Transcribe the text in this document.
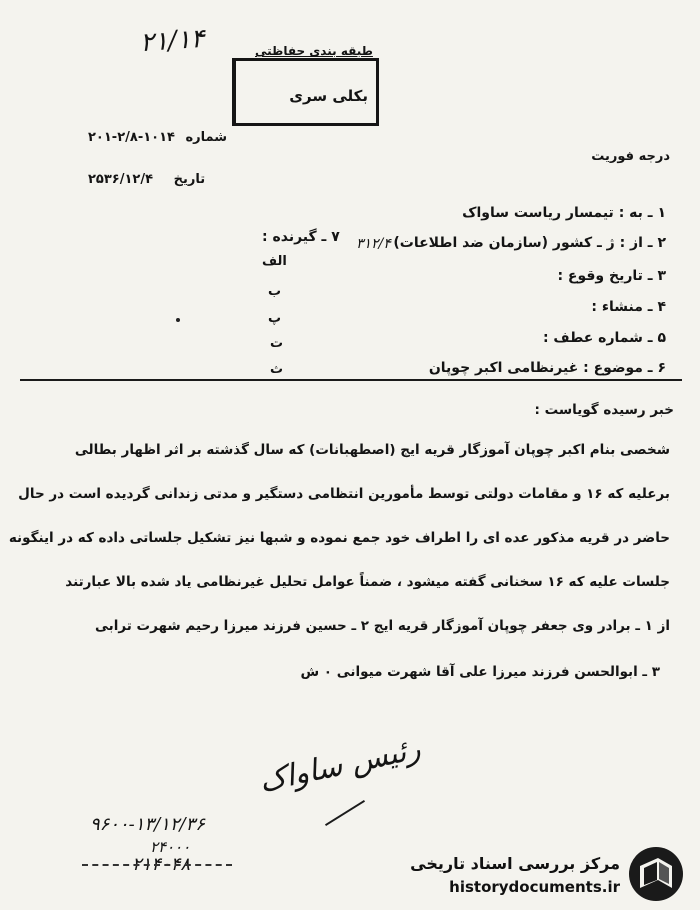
۲۱/۱۴	طبقه بندی حفاظتی
بکلی سری
۲۰۱-۲/۸-۱۰۱۴ شماره
۲۵۳۶/۱۲/۴ تاریخ
درجه فوریت
۱ ـ به : تیمسار ریاست ساواک
۲ ـ از : ژ ـ کشور (سازمان ضد اطلاعات)
۷ ـ گیرنده : ۳۱۲/۴
۳ ـ تاریخ وقوع :
۴ ـ منشاء :
۵ ـ شماره عطف :
۶ ـ موضوع : غیرنظامی اکبر چوپان
الف
ب
پ
ت
ث
خبر رسیده گویاست :
شخصی بنام اکبر چوپان آموزگار قریه ایج (اصطهبانات) که سال گذشته بر اثر اظهار بطالی
برعلیه که ۱۶ و مقامات دولتی توسط مأمورین انتظامی دستگیر و مدتی زندانی گردیده است در حال
حاضر در قریه مذکور عده ای را اطراف خود جمع نموده و شبها نیز تشکیل جلساتی داده که در اینگونه
جلسات علیه که ۱۶ سخنانی گفته میشود ، ضمناً عوامل تحلیل غیرنظامی یاد شده بالا عبارتند
از ۱ ـ برادر وی جعفر چوپان آموزگار قریه ایج ۲ ـ حسین فرزند میرزا رحیم شهرت ترابی
۳ ـ ابوالحسن فرزند میرزا علی آقا شهرت میوانی ۰ ش
رئیس ساواک
۹۶۰۰-۱۳/۱۲/۳۶
۲۴۰۰۰
۲۱۴۰۴۸	مرکز بررسی اسناد تاریخی
historydocuments.ir
